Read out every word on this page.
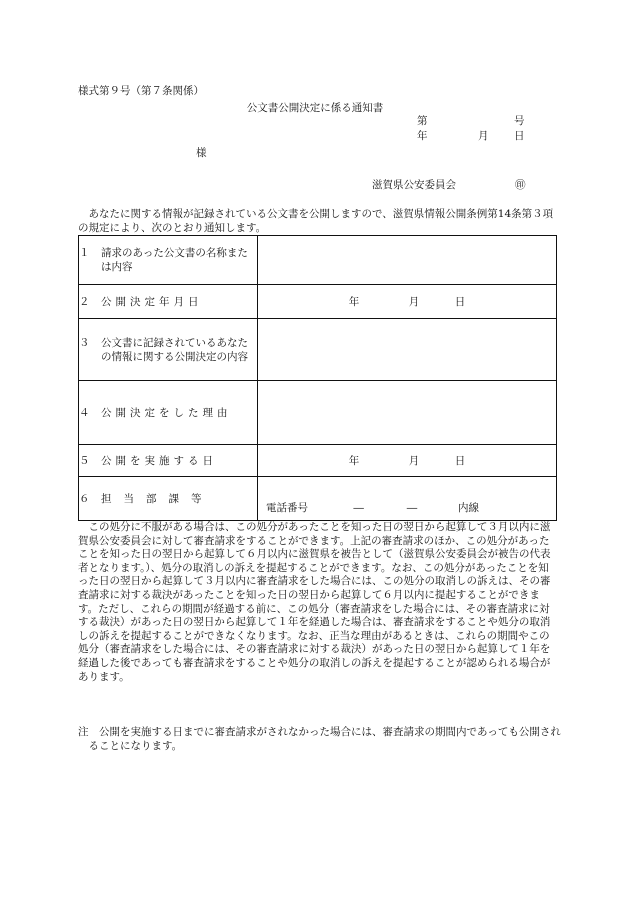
様式第９号（第７条関係）
公文書公開決定に係る通知書
第	号
年	月 日
様
滋賀県公安委員会	㊞
あなたに関する情報が記録されている公文書を公開しますので、滋賀県情報公開条例第14条第３項の規定により、次のとおり通知します。
１ 請求のあった公文書の名称または内容	

２ 公開決定年月日	年 月 日

３ 公文書に記録されているあなたの情報に関する公開決定の内容	

４ 公開決定をした理由	

５ 公開を実施する日	年 月 日

６ 担当部課等	電話番号 ― ― 内線
この処分に不服がある場合は、この処分があったことを知った日の翌日から起算して３月以内に滋賀県公安委員会に対して審査請求をすることができます。上記の審査請求のほか、この処分があったことを知った日の翌日から起算して６月以内に滋賀県を被告として（滋賀県公安委員会が被告の代表者となります。）、処分の取消しの訴えを提起することができます。なお、この処分があったことを知った日の翌日から起算して３月以内に審査請求をした場合には、この処分の取消しの訴えは、その審査請求に対する裁決があったことを知った日の翌日から起算して６月以内に提起することができます。ただし、これらの期間が経過する前に、この処分（審査請求をした場合には、その審査請求に対する裁決）があった日の翌日から起算して１年を経過した場合は、審査請求をすることや処分の取消しの訴えを提起することができなくなります。なお、正当な理由があるときは、これらの期間やこの処分（審査請求をした場合には、その審査請求に対する裁決）があった日の翌日から起算して１年を経過した後であっても審査請求をすることや処分の取消しの訴えを提起することが認められる場合があります。
注　公開を実施する日までに審査請求がされなかった場合には、審査請求の期間内であっても公開されることになります。
